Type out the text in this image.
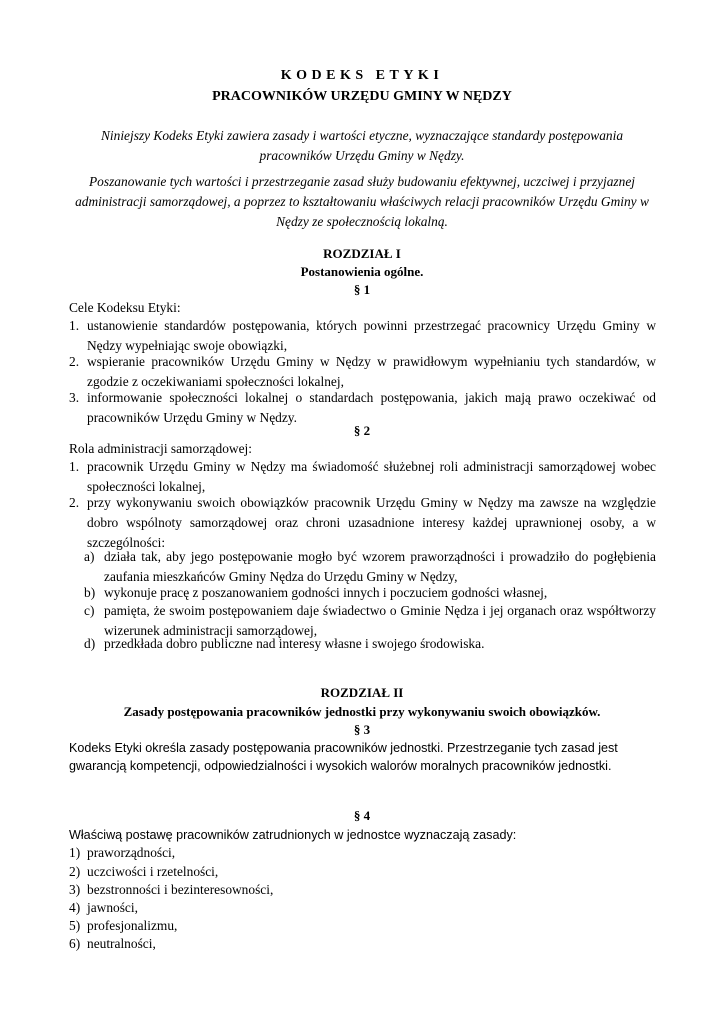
KODEKS ETYKI
PRACOWNIKÓW URZĘDU GMINY W NĘDZY

Niniejszy Kodeks Etyki zawiera zasady i wartości etyczne, wyznaczające standardy postępowania pracowników Urzędu Gminy w Nędzy.

Poszanowanie tych wartości i przestrzeganie zasad służy budowaniu efektywnej, uczciwej i przyjaznej administracji samorządowej, a poprzez to kształtowaniu właściwych relacji pracowników Urzędu Gminy w Nędzy ze społecznością lokalną.

ROZDZIAŁ I
Postanowienia ogólne.
§ 1
Cele Kodeksu Etyki:
1. ustanowienie standardów postępowania, których powinni przestrzegać pracownicy Urzędu Gminy w Nędzy wypełniając swoje obowiązki,

2. wspieranie pracowników Urzędu Gminy w Nędzy w prawidłowym wypełnianiu tych standardów, w zgodzie z oczekiwaniami społeczności lokalnej,

3. informowanie społeczności lokalnej o standardach postępowania, jakich mają prawo oczekiwać od pracowników Urzędu Gminy w Nędzy.

§ 2
Rola administracji samorządowej:
1. pracownik Urzędu Gminy w Nędzy ma świadomość służebnej roli administracji samorządowej wobec społeczności lokalnej,

2. przy wykonywaniu swoich obowiązków pracownik Urzędu Gminy w Nędzy ma zawsze na względzie dobro wspólnoty samorządowej oraz chroni uzasadnione interesy każdej uprawnionej osoby, a w szczególności:

a) działa tak, aby jego postępowanie mogło być wzorem praworządności i prowadziło do pogłębienia zaufania mieszkańców Gminy Nędza do Urzędu Gminy w Nędzy,

b) wykonuje pracę z poszanowaniem godności innych i poczuciem godności własnej,

c) pamięta, że swoim postępowaniem daje świadectwo o Gminie Nędza i jej organach oraz współtworzy wizerunek administracji samorządowej,

d) przedkłada dobro publiczne nad interesy własne i swojego środowiska.

ROZDZIAŁ II
Zasady postępowania pracowników jednostki przy wykonywaniu swoich obowiązków.
§ 3

Kodeks Etyki określa zasady postępowania pracowników jednostki. Przestrzeganie tych zasad jest gwarancją kompetencji, odpowiedzialności i wysokich walorów moralnych pracowników jednostki.

§ 4
Właściwą postawę pracowników zatrudnionych w jednostce wyznaczają zasady:
1) praworządności,
2) uczciwości i rzetelności,
3) bezstronności i bezinteresowności,
4) jawności,
5) profesjonalizmu,
6) neutralności,
